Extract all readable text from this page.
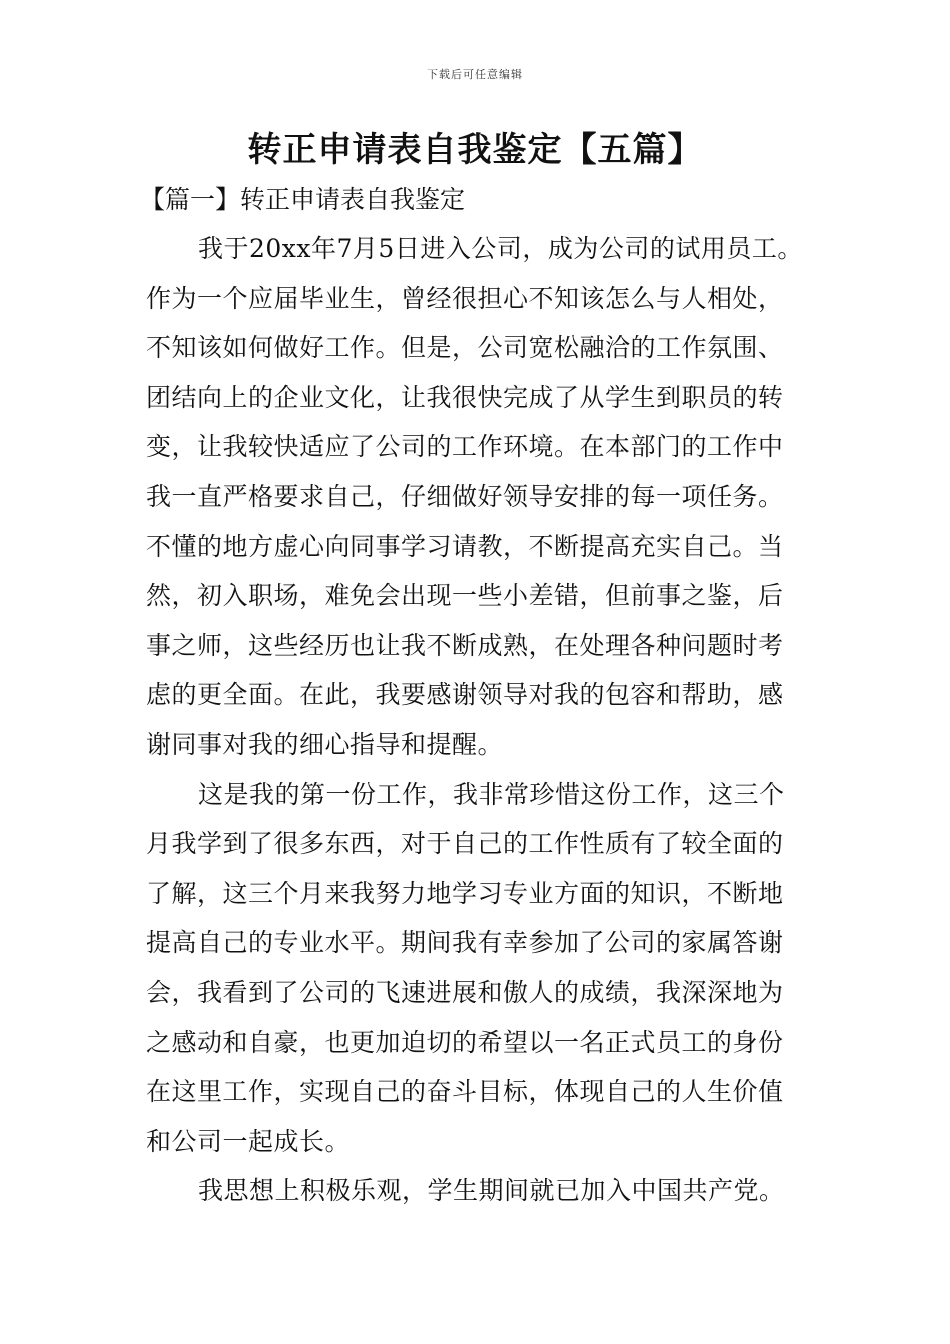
下载后可任意编辑
转正申请表自我鉴定【五篇】
【篇一】转正申请表自我鉴定
我于20xx年7月5日进入公司，成为公司的试用员工。
作为一个应届毕业生，曾经很担心不知该怎么与人相处，
不知该如何做好工作。但是，公司宽松融洽的工作氛围、
团结向上的企业文化，让我很快完成了从学生到职员的转
变，让我较快适应了公司的工作环境。在本部门的工作中
我一直严格要求自己，仔细做好领导安排的每一项任务。
不懂的地方虚心向同事学习请教，不断提高充实自己。当
然，初入职场，难免会出现一些小差错，但前事之鉴，后
事之师，这些经历也让我不断成熟，在处理各种问题时考
虑的更全面。在此，我要感谢领导对我的包容和帮助，感
谢同事对我的细心指导和提醒。
这是我的第一份工作，我非常珍惜这份工作，这三个
月我学到了很多东西，对于自己的工作性质有了较全面的
了解，这三个月来我努力地学习专业方面的知识，不断地
提高自己的专业水平。期间我有幸参加了公司的家属答谢
会，我看到了公司的飞速进展和傲人的成绩，我深深地为
之感动和自豪，也更加迫切的希望以一名正式员工的身份
在这里工作，实现自己的奋斗目标，体现自己的人生价值
和公司一起成长。
我思想上积极乐观，学生期间就已加入中国共产党。
